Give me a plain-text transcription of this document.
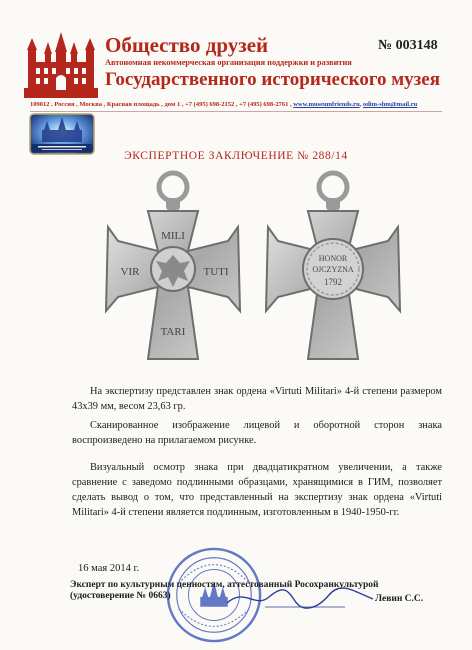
Общество друзей	№ 003148
Автономная некоммерческая организация поддержки и развития
Государственного исторического музея
109012 , Россия , Москва , Красная площадь , дом 1 , +7 (495) 698-2152 , +7 (495) 698-2761 , www.museumfriends.ru, odim-shm@mail.ru
ЭКСПЕРТНОЕ ЗАКЛЮЧЕНИЕ № 288/14
MILI
VIR	TUTI
TARI
HONOR
OJCZYZNA
1792

На экспертизу представлен знак ордена «Virtuti Militari» 4-й степени размером 43х39 мм, весом 23,63 гр.

Сканированное изображение лицевой и оборотной сторон знака воспроизведено на прилагаемом рисунке.

Визуальный осмотр знака при двадцатикратном увеличении, а также сравнение с заведомо подлинными образцами, хранящимися в ГИМ, позволяет сделать вывод о том, что представленный на экспертизу знак ордена «Virtuti Militari» 4-й степени является подлинным, изготовленным в 1940-1950-гг.

16 мая 2014 г.
Эксперт по культурным ценностям, аттестованный Росохранкультурой
(удостоверение № 0663)	Левин С.С.
